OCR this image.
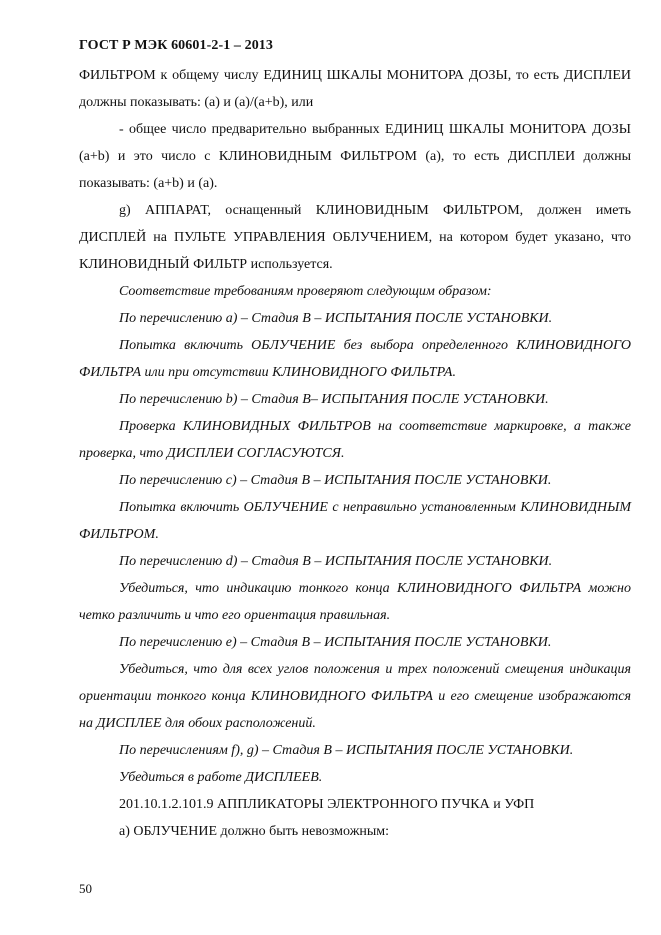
ГОСТ Р МЭК 60601-2-1 – 2013

ФИЛЬТРОМ к общему числу ЕДИНИЦ ШКАЛЫ МОНИТОРА ДОЗЫ, то есть ДИСПЛЕИ должны показывать: (a) и (a)/(a+b), или

- общее число предварительно выбранных ЕДИНИЦ ШКАЛЫ МОНИТОРА ДОЗЫ (a+b) и это число с КЛИНОВИДНЫМ ФИЛЬТРОМ (a), то есть ДИСПЛЕИ должны показывать: (a+b) и (a).

g) АППАРАТ, оснащенный КЛИНОВИДНЫМ ФИЛЬТРОМ, должен иметь ДИСПЛЕЙ на ПУЛЬТЕ УПРАВЛЕНИЯ ОБЛУЧЕНИЕМ, на котором будет указано, что КЛИНОВИДНЫЙ ФИЛЬТР используется.

Соответствие требованиям проверяют следующим образом:

По перечислению a) – Стадия B – ИСПЫТАНИЯ ПОСЛЕ УСТАНОВКИ.

Попытка включить ОБЛУЧЕНИЕ без выбора определенного КЛИНОВИДНОГО ФИЛЬТРА или при отсутствии КЛИНОВИДНОГО ФИЛЬТРА.

По перечислению b) – Стадия B– ИСПЫТАНИЯ ПОСЛЕ УСТАНОВКИ.

Проверка КЛИНОВИДНЫХ ФИЛЬТРОВ на соответствие маркировке, а также проверка, что ДИСПЛЕИ СОГЛАСУЮТСЯ.

По перечислению c) – Стадия B – ИСПЫТАНИЯ ПОСЛЕ УСТАНОВКИ.

Попытка включить ОБЛУЧЕНИЕ с неправильно установленным КЛИНОВИДНЫМ ФИЛЬТРОМ.

По перечислению d) – Стадия B – ИСПЫТАНИЯ ПОСЛЕ УСТАНОВКИ.

Убедиться, что индикацию тонкого конца КЛИНОВИДНОГО ФИЛЬТРА можно четко различить и что его ориентация правильная.

По перечислению e) – Стадия B – ИСПЫТАНИЯ ПОСЛЕ УСТАНОВКИ.

Убедиться, что для всех углов положения и трех положений смещения индикация ориентации тонкого конца КЛИНОВИДНОГО ФИЛЬТРА и его смещение изображаются на ДИСПЛЕЕ для обоих расположений.

По перечислениям f), g) – Стадия B – ИСПЫТАНИЯ ПОСЛЕ УСТАНОВКИ.

Убедиться в работе ДИСПЛЕЕВ.

201.10.1.2.101.9 АППЛИКАТОРЫ ЭЛЕКТРОННОГО ПУЧКА и УФП

a) ОБЛУЧЕНИЕ должно быть невозможным:

50
